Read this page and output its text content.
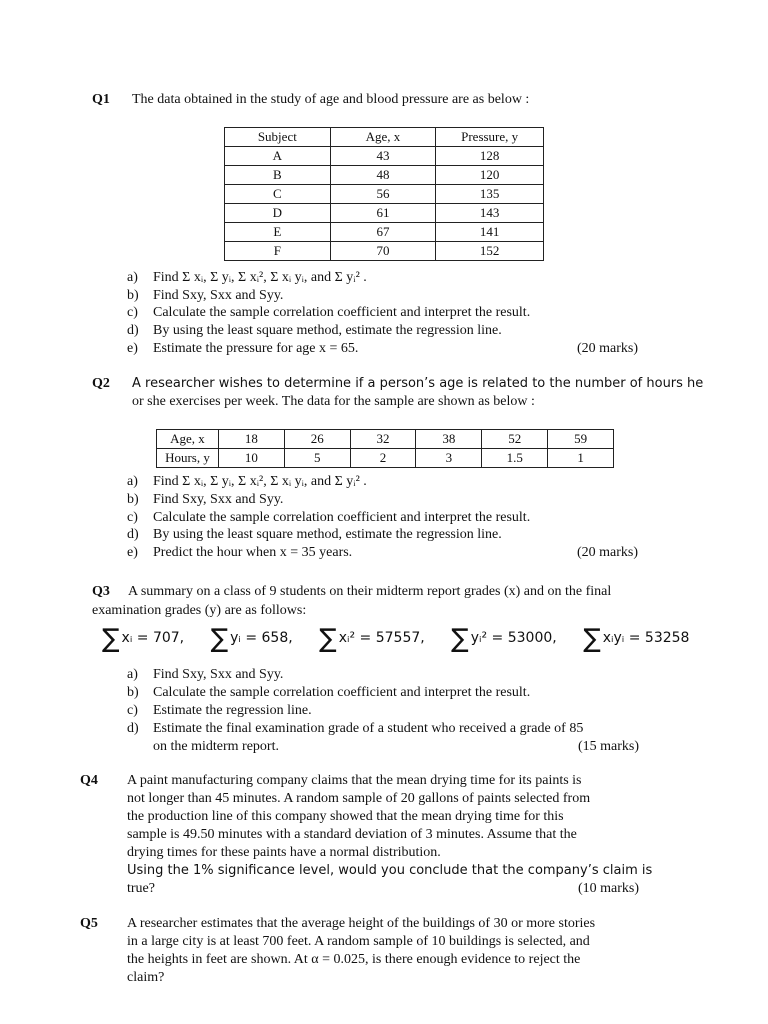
Q1 The data obtained in the study of age and blood pressure are as below :
Subject	Age, x	Pressure, y
A	43	128
B	48	120
C	56	135
D	61	143
E	67	141
F	70	152
a) Find Σ xᵢ, Σ yᵢ, Σ xᵢ², Σ xᵢ yᵢ, and Σ yᵢ² .
b) Find Sxy, Sxx and Syy.
c) Calculate the sample correlation coefficient and interpret the result.
d) By using the least square method, estimate the regression line.
e) Estimate the pressure for age x = 65.	(20 marks)
Q2 A researcher wishes to determine if a person’s age is related to the number of hours he
or she exercises per week. The data for the sample are shown as below :
Age, x	18	26	32	38	52	59
Hours, y	10	5	2	3	1.5	1
a) Find Σ xᵢ, Σ yᵢ, Σ xᵢ², Σ xᵢ yᵢ, and Σ yᵢ² .
b) Find Sxy, Sxx and Syy.
c) Calculate the sample correlation coefficient and interpret the result.
d) By using the least square method, estimate the regression line.
e) Predict the hour when x = 35 years.	(20 marks)
Q3 A summary on a class of 9 students on their midterm report grades (x) and on the final
examination grades (y) are as follows:
∑ xᵢ = 707, ∑ yᵢ = 658, ∑ xᵢ² = 57557, ∑ yᵢ² = 53000, ∑ xᵢyᵢ = 53258
a) Find Sxy, Sxx and Syy.
b) Calculate the sample correlation coefficient and interpret the result.
c) Estimate the regression line.
d) Estimate the final examination grade of a student who received a grade of 85
on the midterm report.	(15 marks)
Q4 A paint manufacturing company claims that the mean drying time for its paints is
not longer than 45 minutes. A random sample of 20 gallons of paints selected from
the production line of this company showed that the mean drying time for this
sample is 49.50 minutes with a standard deviation of 3 minutes. Assume that the
drying times for these paints have a normal distribution.
Using the 1% significance level, would you conclude that the company’s claim is
true?	(10 marks)
Q5 A researcher estimates that the average height of the buildings of 30 or more stories
in a large city is at least 700 feet. A random sample of 10 buildings is selected, and
the heights in feet are shown. At α = 0.025, is there enough evidence to reject the
claim?
